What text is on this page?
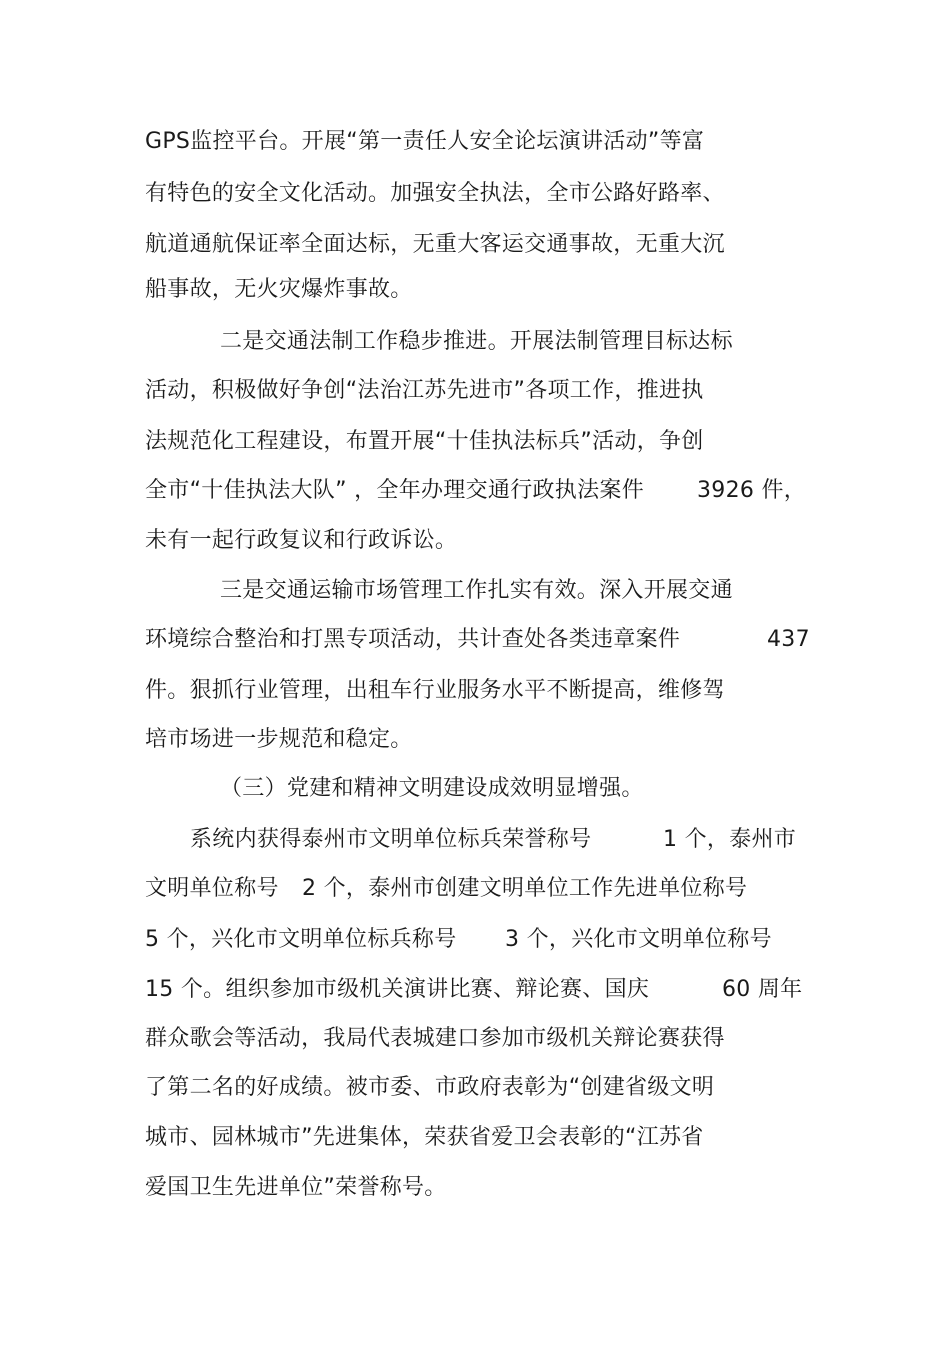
GPS监控平台。开展“第一责任人安全论坛演讲活动”等富
有特色的安全文化活动。加强安全执法，全市公路好路率、
航道通航保证率全面达标，无重大客运交通事故，无重大沉
船事故，无火灾爆炸事故。
二是交通法制工作稳步推进。开展法制管理目标达标
活动，积极做好争创“法治江苏先进市”各项工作，推进执
法规范化工程建设，布置开展“十佳执法标兵”活动，争创
全市“十佳执法大队” ，全年办理交通行政执法案件 3926 件，
未有一起行政复议和行政诉讼。
三是交通运输市场管理工作扎实有效。深入开展交通
环境综合整治和打黑专项活动，共计查处各类违章案件	437
件。狠抓行业管理，出租车行业服务水平不断提高，维修驾
培市场进一步规范和稳定。
（三）党建和精神文明建设成效明显增强。
系统内获得泰州市文明单位标兵荣誉称号	1 个，泰州市
文明单位称号 2 个，泰州市创建文明单位工作先进单位称号
5 个，兴化市文明单位标兵称号 3 个，兴化市文明单位称号
15 个。组织参加市级机关演讲比赛、辩论赛、国庆	60 周年
群众歌会等活动，我局代表城建口参加市级机关辩论赛获得
了第二名的好成绩。被市委、市政府表彰为“创建省级文明
城市、园林城市”先进集体，荣获省爱卫会表彰的“江苏省
爱国卫生先进单位”荣誉称号。
